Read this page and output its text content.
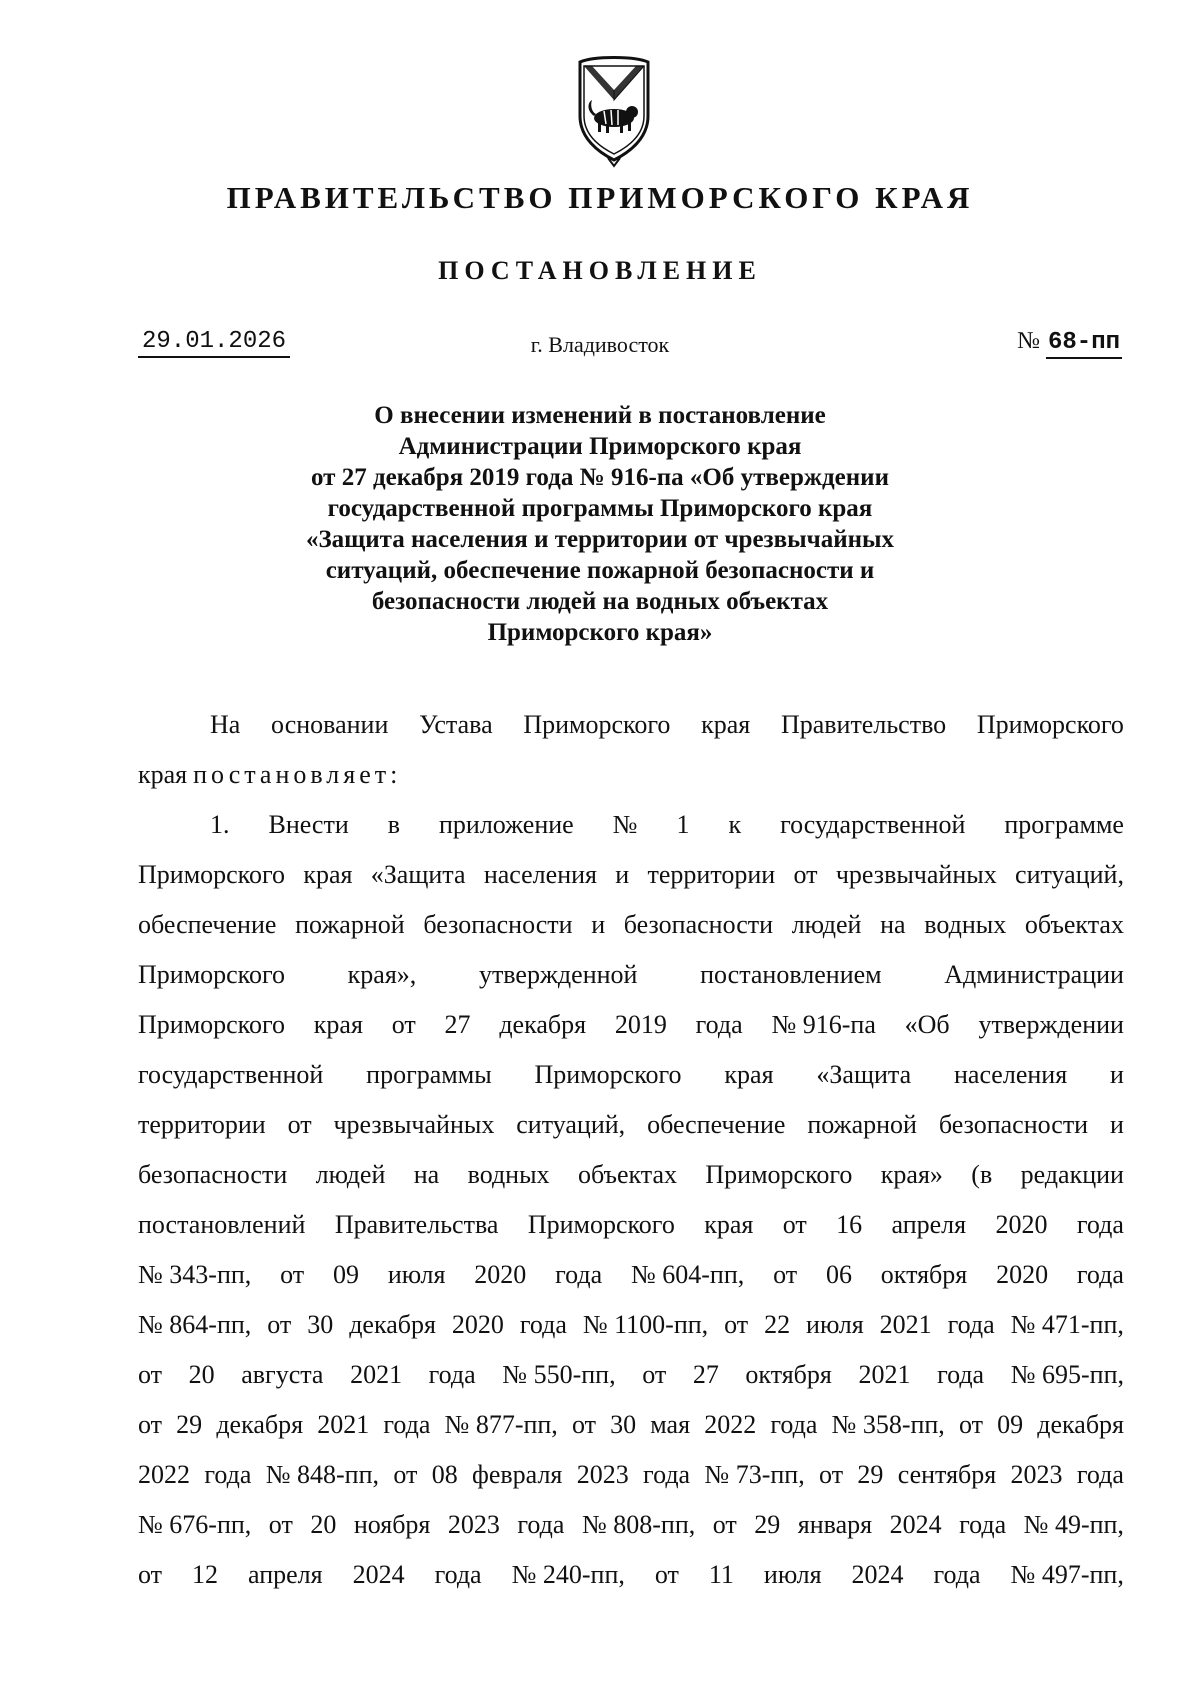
ПРАВИТЕЛЬСТВО ПРИМОРСКОГО КРАЯ
ПОСТАНОВЛЕНИЕ
29.01.2026	г. Владивосток	№ 68-пп
О внесении изменений в постановление
Администрации Приморского края
от 27 декабря 2019 года № 916-па «Об утверждении
государственной программы Приморского края
«Защита населения и территории от чрезвычайных
ситуаций, обеспечение пожарной безопасности и
безопасности людей на водных объектах
Приморского края»
На основании Устава Приморского края Правительство Приморского
края постановляет:
1. Внести в приложение № 1 к государственной программе
Приморского края «Защита населения и территории от чрезвычайных ситуаций,
обеспечение пожарной безопасности и безопасности людей на водных объектах
Приморского края», утвержденной постановлением Администрации
Приморского края от 27 декабря 2019 года № 916-па «Об утверждении
государственной программы Приморского края «Защита населения и
территории от чрезвычайных ситуаций, обеспечение пожарной безопасности и
безопасности людей на водных объектах Приморского края» (в редакции
постановлений Правительства Приморского края от 16 апреля 2020 года
№ 343-пп, от 09 июля 2020 года № 604-пп, от 06 октября 2020 года
№ 864-пп, от 30 декабря 2020 года № 1100-пп, от 22 июля 2021 года № 471-пп,
от 20 августа 2021 года № 550-пп, от 27 октября 2021 года № 695-пп,
от 29 декабря 2021 года № 877-пп, от 30 мая 2022 года № 358-пп, от 09 декабря
2022 года № 848-пп, от 08 февраля 2023 года № 73-пп, от 29 сентября 2023 года
№ 676-пп, от 20 ноября 2023 года № 808-пп, от 29 января 2024 года № 49-пп,
от 12 апреля 2024 года № 240-пп, от 11 июля 2024 года № 497-пп,
